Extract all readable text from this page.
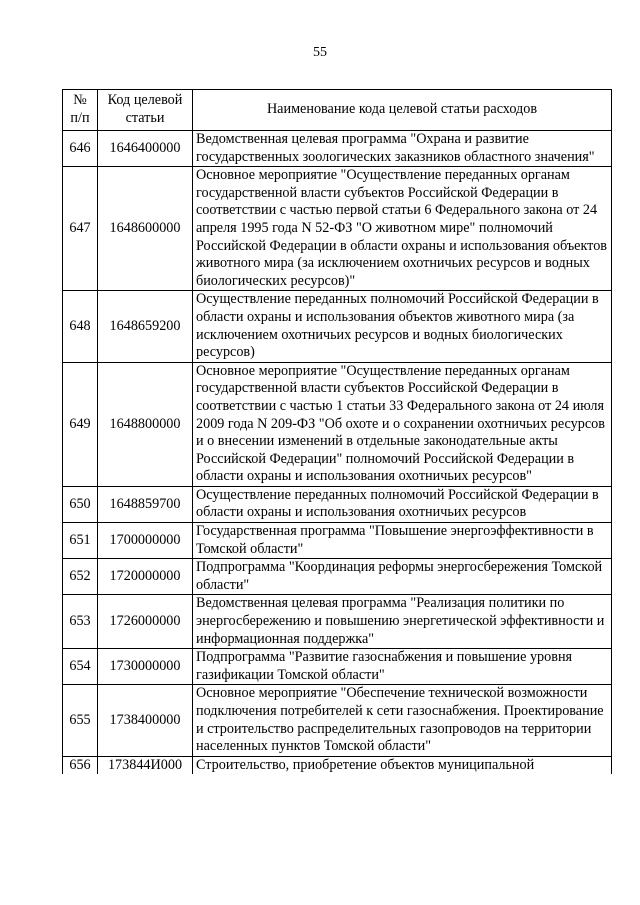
55
№ п/п	Код целевой статьи	Наименование кода целевой статьи расходов
646	1646400000	Ведомственная целевая программа "Охрана и развитие государственных зоологических заказников областного значения"
647	1648600000	Основное мероприятие "Осуществление переданных органам государственной власти субъектов Российской Федерации в соответствии с частью первой статьи 6 Федерального закона от 24 апреля 1995 года N 52-ФЗ "О животном мире" полномочий Российской Федерации в области охраны и использования объектов животного мира (за исключением охотничьих ресурсов и водных биологических ресурсов)"
648	1648659200	Осуществление переданных полномочий Российской Федерации в области охраны и использования объектов животного мира (за исключением охотничьих ресурсов и водных биологических ресурсов)
649	1648800000	Основное мероприятие "Осуществление переданных органам государственной власти субъектов Российской Федерации в соответствии с частью 1 статьи 33 Федерального закона от 24 июля 2009 года N 209-ФЗ "Об охоте и о сохранении охотничьих ресурсов и о внесении изменений в отдельные законодательные акты Российской Федерации" полномочий Российской Федерации в области охраны и использования охотничьих ресурсов"
650	1648859700	Осуществление переданных полномочий Российской Федерации в области охраны и использования охотничьих ресурсов
651	1700000000	Государственная программа "Повышение энергоэффективности в Томской области"
652	1720000000	Подпрограмма "Координация реформы энергосбережения Томской области"
653	1726000000	Ведомственная целевая программа "Реализация политики по энергосбережению и повышению энергетической эффективности и информационная поддержка"
654	1730000000	Подпрограмма "Развитие газоснабжения и повышение уровня газификации Томской области"
655	1738400000	Основное мероприятие "Обеспечение технической возможности подключения потребителей к сети газоснабжения. Проектирование и строительство распределительных газопроводов на территории населенных пунктов Томской области"
656	173844И000	Строительство, приобретение объектов муниципальной
